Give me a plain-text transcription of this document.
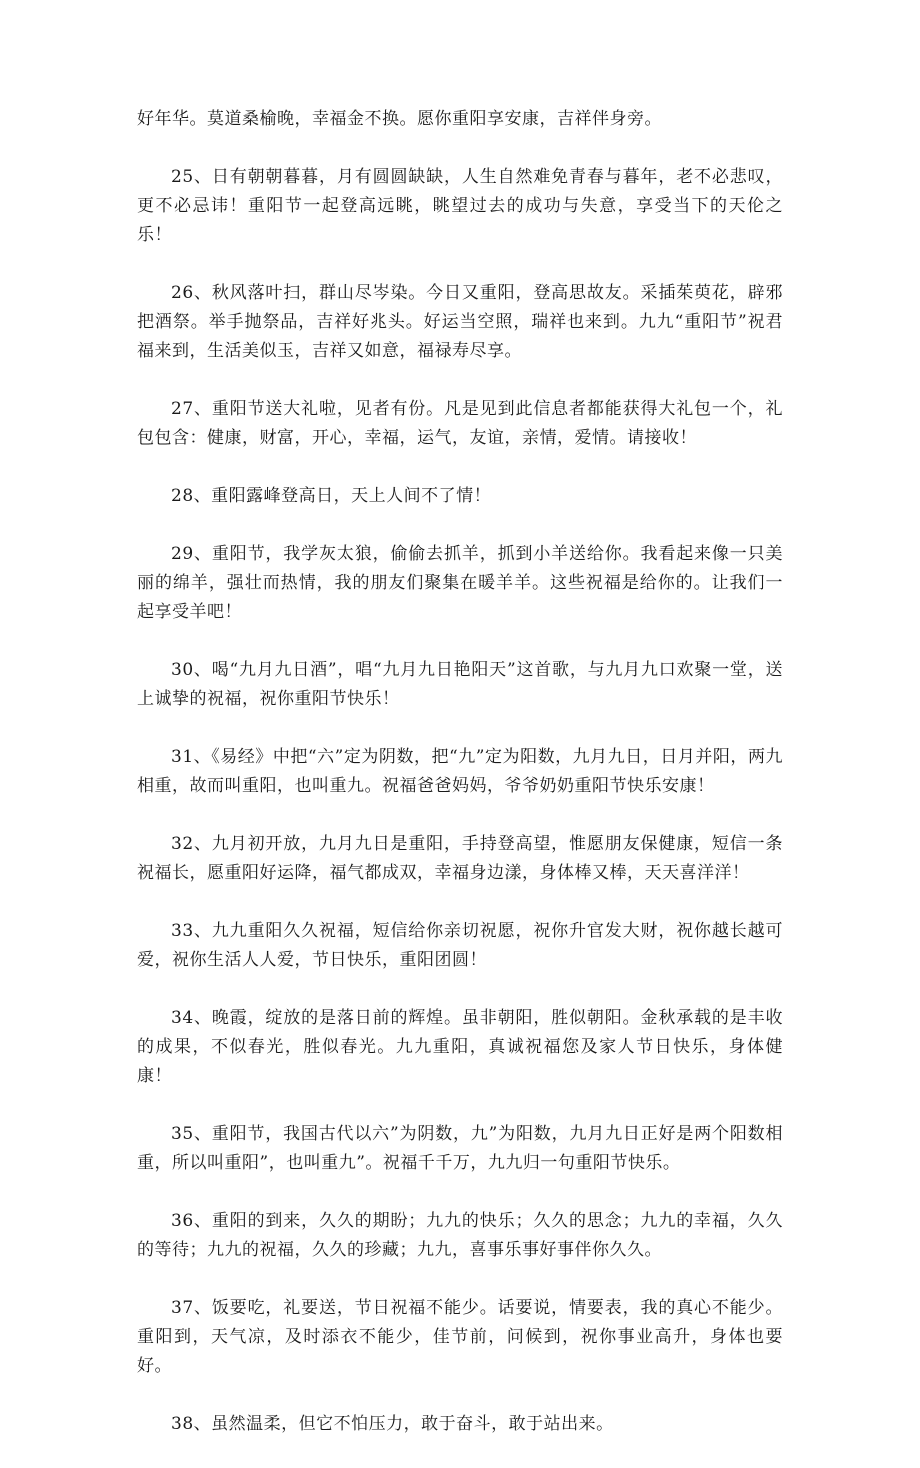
好年华。莫道桑榆晚，幸福金不换。愿你重阳享安康，吉祥伴身旁。

25、日有朝朝暮暮，月有圆圆缺缺，人生自然难免青春与暮年，老不必悲叹，更不必忌讳！重阳节一起登高远眺，眺望过去的成功与失意，享受当下的天伦之乐！

26、秋风落叶扫，群山尽岑染。今日又重阳，登高思故友。采插茱萸花，辟邪把酒祭。举手抛祭品，吉祥好兆头。好运当空照，瑞祥也来到。九九“重阳节”祝君福来到，生活美似玉，吉祥又如意，福禄寿尽享。

27、重阳节送大礼啦，见者有份。凡是见到此信息者都能获得大礼包一个，礼包包含：健康，财富，开心，幸福，运气，友谊，亲情，爱情。请接收！

28、重阳露峰登高日，天上人间不了情！

29、重阳节，我学灰太狼，偷偷去抓羊，抓到小羊送给你。我看起来像一只美丽的绵羊，强壮而热情，我的朋友们聚集在暖羊羊。这些祝福是给你的。让我们一起享受羊吧！

30、喝“九月九日酒”，唱“九月九日艳阳天”这首歌，与九月九口欢聚一堂，送上诚挚的祝福，祝你重阳节快乐！

31、《易经》中把“六”定为阴数，把“九”定为阳数，九月九日，日月并阳，两九相重，故而叫重阳，也叫重九。祝福爸爸妈妈，爷爷奶奶重阳节快乐安康！

32、九月初开放，九月九日是重阳，手持登高望，惟愿朋友保健康，短信一条祝福长，愿重阳好运降，福气都成双，幸福身边漾，身体棒又棒，天天喜洋洋！

33、九九重阳久久祝福，短信给你亲切祝愿，祝你升官发大财，祝你越长越可爱，祝你生活人人爱，节日快乐，重阳团圆！

34、晚霞，绽放的是落日前的辉煌。虽非朝阳，胜似朝阳。金秋承载的是丰收的成果，不似春光，胜似春光。九九重阳，真诚祝福您及家人节日快乐，身体健康！

35、重阳节，我国古代以六”为阴数，九”为阳数，九月九日正好是两个阳数相重，所以叫重阳”，也叫重九”。祝福千千万，九九归一句重阳节快乐。

36、重阳的到来，久久的期盼；九九的快乐；久久的思念；九九的幸福，久久的等待；九九的祝福，久久的珍藏；九九，喜事乐事好事伴你久久。

37、饭要吃，礼要送，节日祝福不能少。话要说，情要表，我的真心不能少。重阳到，天气凉，及时添衣不能少，佳节前，问候到，祝你事业高升，身体也要好。

38、虽然温柔，但它不怕压力，敢于奋斗，敢于站出来。
